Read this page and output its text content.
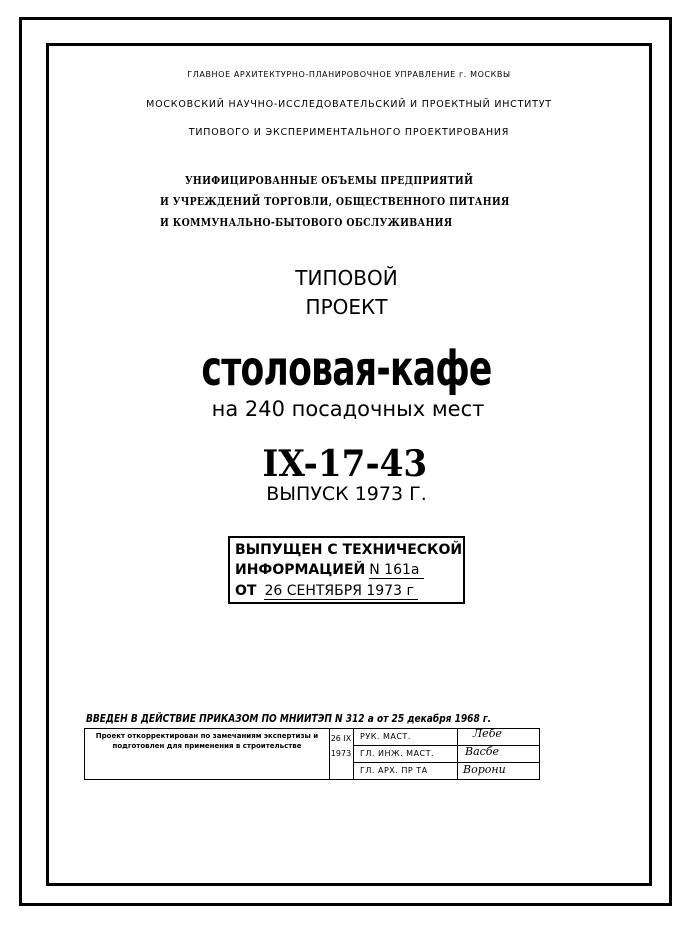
ГЛАВНОЕ АРХИТЕКТУРНО-ПЛАНИРОВОЧНОЕ УПРАВЛЕНИЕ г. МОСКВЫ
МОСКОВСКИЙ НАУЧНО-ИССЛЕДОВАТЕЛЬСКИЙ И ПРОЕКТНЫЙ ИНСТИТУТ
ТИПОВОГО И ЭКСПЕРИМЕНТАЛЬНОГО ПРОЕКТИРОВАНИЯ
УНИФИЦИРОВАННЫЕ ОБЪЕМЫ ПРЕДПРИЯТИЙ
И УЧРЕЖДЕНИЙ ТОРГОВЛИ, ОБЩЕСТВЕННОГО ПИТАНИЯ
И КОММУНАЛЬНО-БЫТОВОГО ОБСЛУЖИВАНИЯ
ТИПОВОЙ
ПРОЕКТ
столовая-кафе
на 240 посадочных мест
IX-17-43
ВЫПУСК 1973 Г.
ВЫПУЩЕН С ТЕХНИЧЕСКОЙ
ИНФОРМАЦИЕЙ N 161а
ОТ 26 СЕНТЯБРЯ 1973 г
ВВЕДЕН В ДЕЙСТВИЕ ПРИКАЗОМ ПО МНИИТЭП N 312 а от 25 декабря 1968 г.
Проект откорректирован по замечаниям экспертизы и подготовлен для применения в строительстве
26 IX
1973
РУК. МАСТ.
ГЛ. ИНЖ. МАСТ.
ГЛ. АРХ. ПР ТА
Лебе
Васбе
Ворони
